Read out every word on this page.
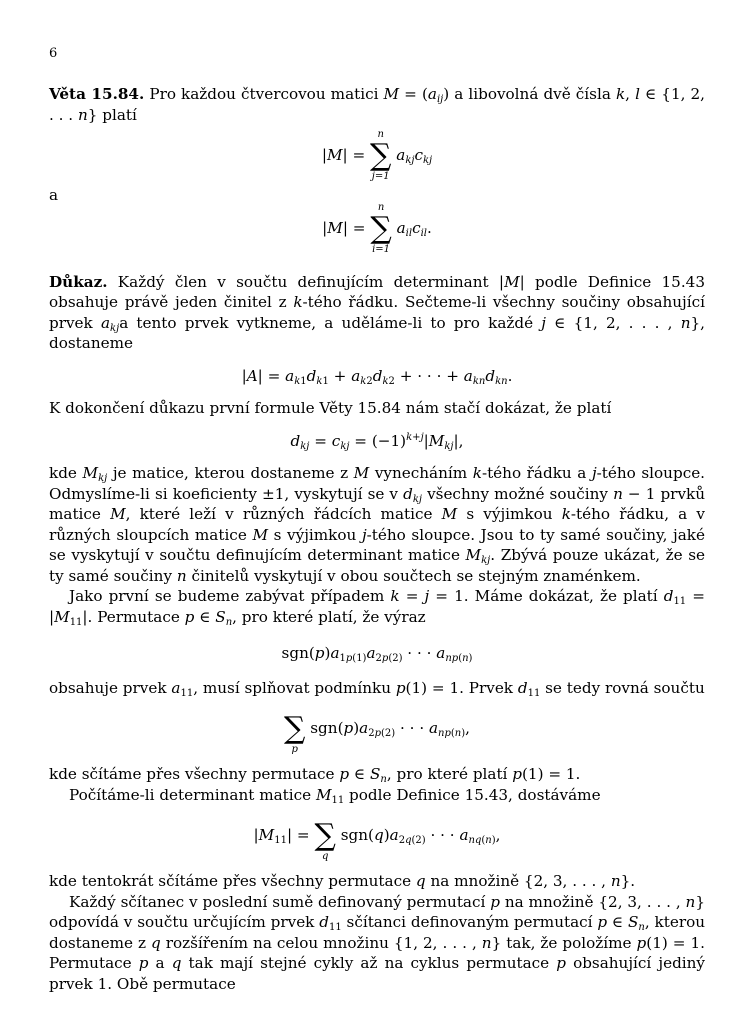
6

Věta 15.84. Pro každou čtvercovou matici $M = (a_{ij})$ a libovolná dvě čísla k, l ∈ {1, 2, . . . n} platí

|M| =
n
∑
j=1
$a_{kj}c_{kj}$

a

|M| =
n
∑
i=1
$a_{il}c_{il}$.

Důkaz. Každý člen v součtu definujícím determinant |M| podle Definice 15.43 obsahuje právě jeden činitel z k-tého řádku. Sečteme-li všechny součiny obsahující prvek $a_{kj}a$ tento prvek vytkneme, a uděláme-li to pro každé j ∈ {1, 2, . . . , n}, dostaneme

$|A| = a_{k1}d_{k1} + a_{k2}d_{k2}$ + · · · + $a_{kn}d_{kn}$.

K dokončení důkazu první formule Věty 15.84 nám stačí dokázat, že platí

$d_{kj} = c_{kj} = (-1)^{k+j}|M_{kj}|$,

kde $M_{kj}$ je matice, kterou dostaneme z M vynecháním k-tého řádku a j-tého sloupce. Odmyslíme-li si koeficienty ±1, vyskytují se v $d_{kj}$ všechny možné součiny n − 1 prvků matice M, které leží v různých řádcích matice M s výjimkou k-tého řádku, a v různých sloupcích matice M s výjimkou j-tého sloupce. Jsou to ty samé součiny, jaké se vyskytují v součtu definujícím determinant matice $M_{kj}$. Zbývá pouze ukázat, že se ty samé součiny n činitelů vyskytují v obou součtech se stejným znaménkem.

Jako první se budeme zabývat případem k = j = 1. Máme dokázat, že platí $d_{11} = |M_{11}|$. Permutace p ∈ $S_n$, pro které platí, že výraz

$sgn(p)a_{1p(1)}a_{2p(2)}$ · · · $a_{np(n)}$

obsahuje prvek $a_{11}$, musí splňovat podmínku p(1) = 1. Prvek $d_{11}$ se tedy rovná součtu

∑
p
$sgn(p)a_{2p(2)}$ · · · $a_{np(n)}$,

kde sčítáme přes všechny permutace p ∈ $S_n$, pro které platí p(1) = 1.

Počítáme-li determinant matice $M_{11}$ podle Definice 15.43, dostáváme

$|M_{11}|$ =
∑
q
$sgn(q)a_{2q(2)}$ · · · $a_{nq(n)}$,

kde tentokrát sčítáme přes všechny permutace q na množině {2, 3, . . . , n}.

Každý sčítanec v poslední sumě definovaný permutací p na množině {2, 3, . . . , n} odpovídá v součtu určujícím prvek $d_{11}$ sčítanci definovaným permutací p ∈ $S_n$, kterou dostaneme z q rozšířením na celou množinu {1, 2, . . . , n} tak, že položíme p(1) = 1. Permutace p a q tak mají stejné cykly až na cyklus permutace p obsahující jediný prvek 1. Obě permutace
